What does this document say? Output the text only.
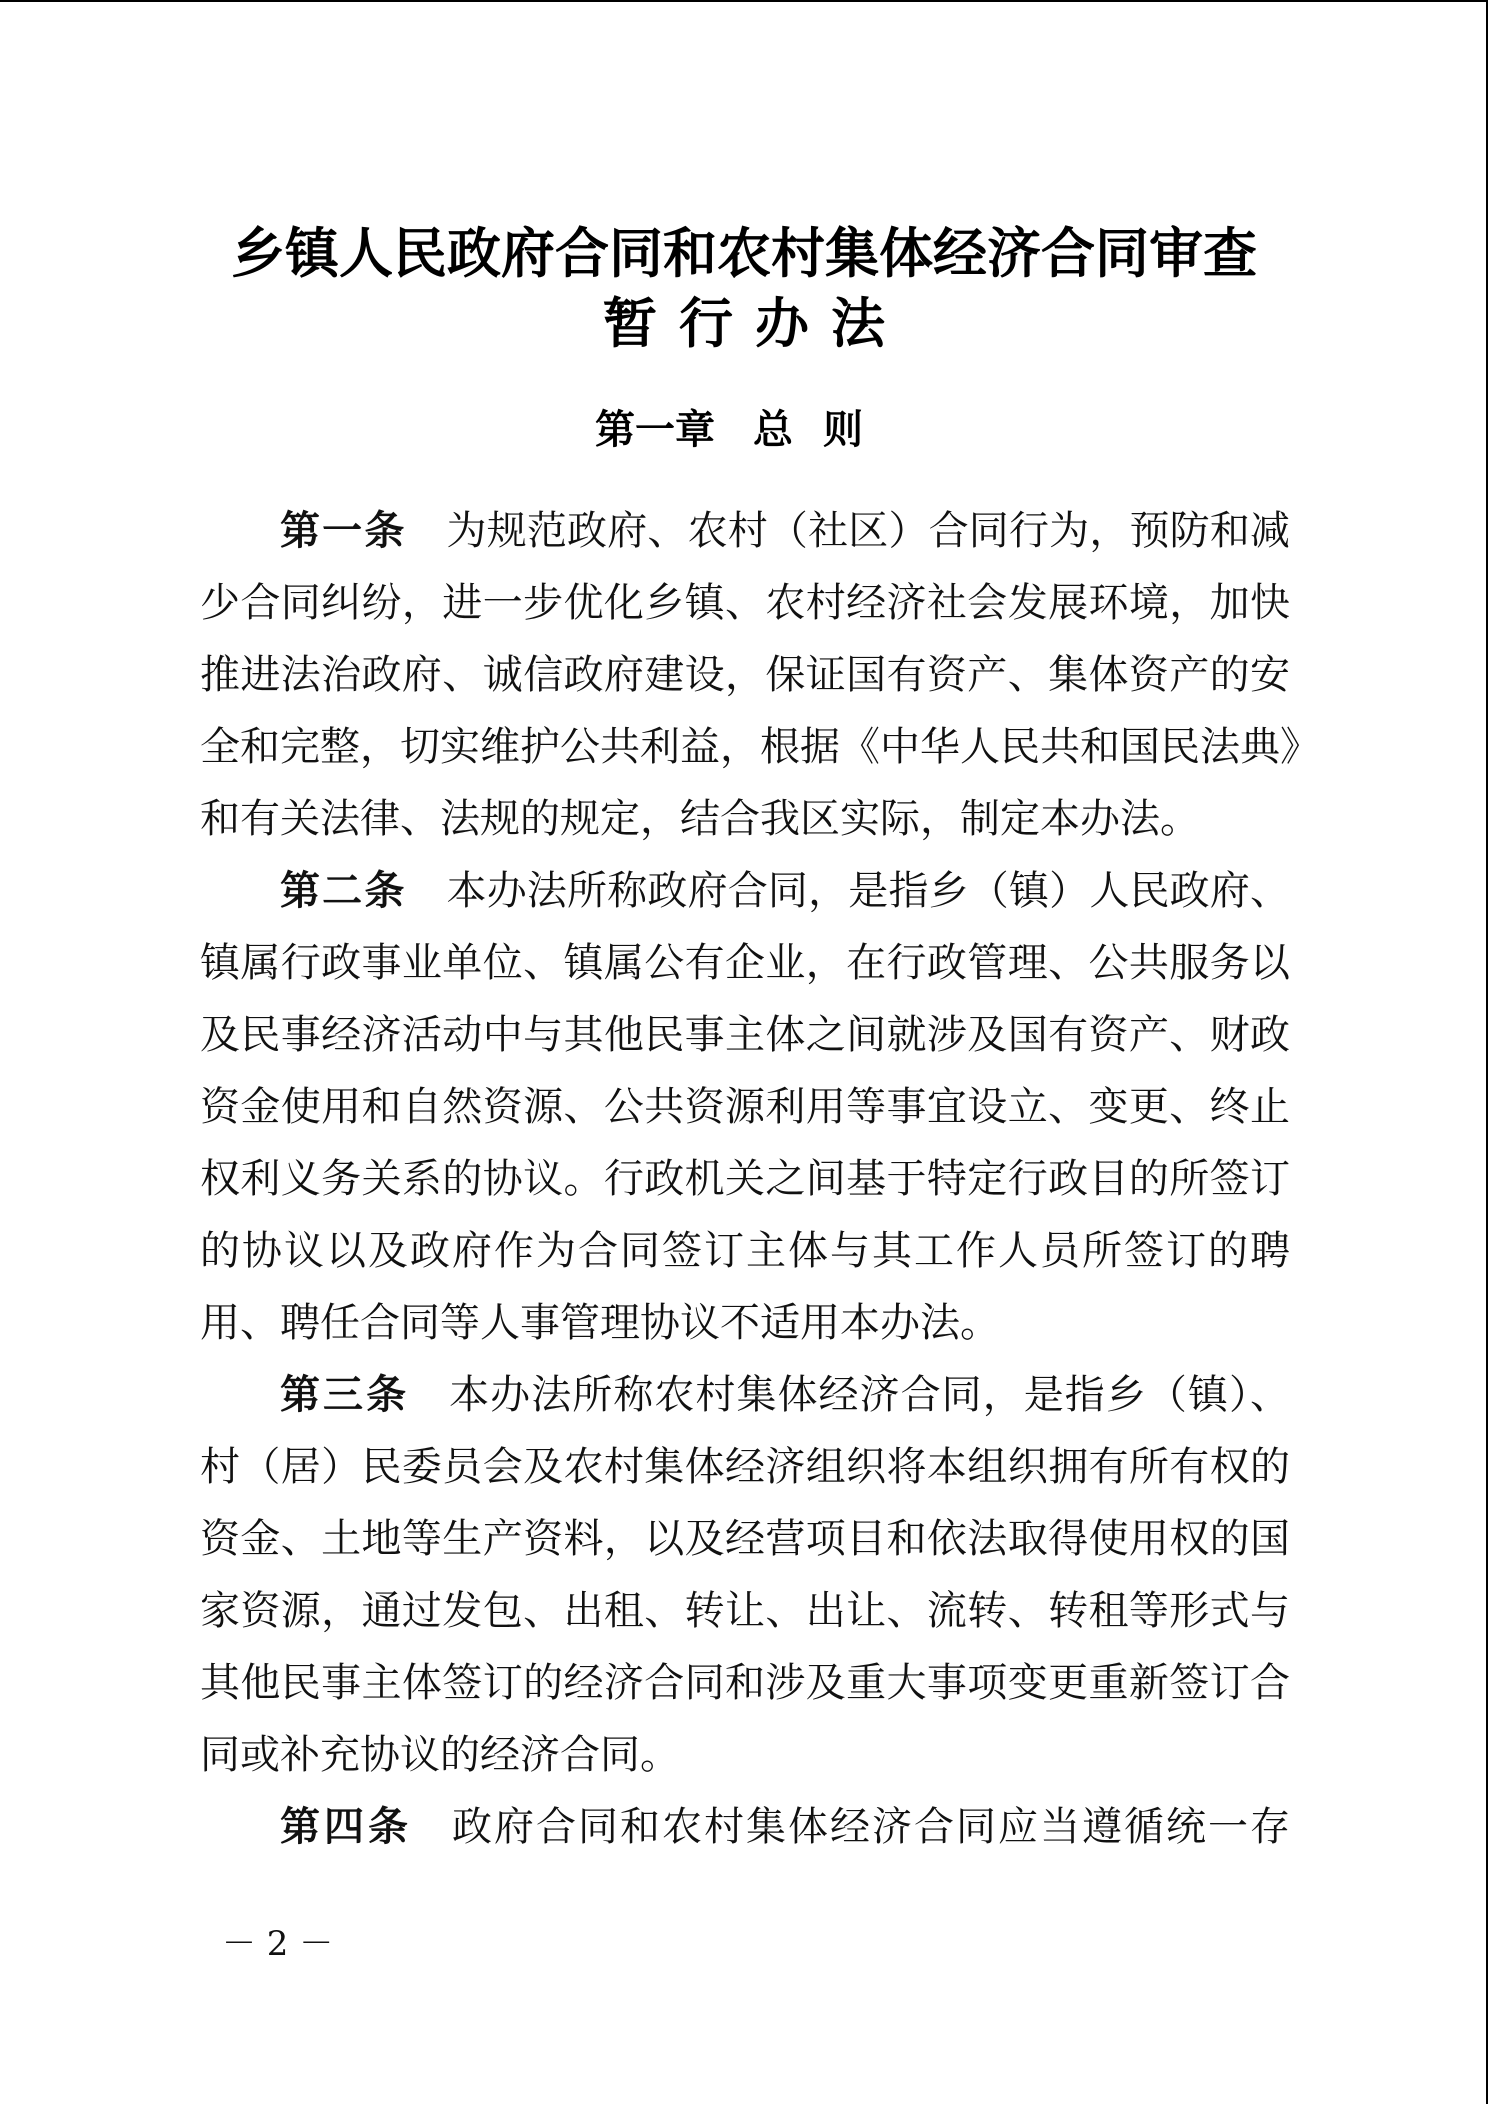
乡镇人民政府合同和农村集体经济合同审查
暂行办法
第一章 总则
第一条 为规范政府、农村（社区）合同行为，预防和减
少合同纠纷，进一步优化乡镇、农村经济社会发展环境，加快
推进法治政府、诚信政府建设，保证国有资产、集体资产的安
全和完整，切实维护公共利益，根据《中华人民共和国民法典》
和有关法律、法规的规定，结合我区实际，制定本办法。
第二条 本办法所称政府合同，是指乡（镇）人民政府、
镇属行政事业单位、镇属公有企业，在行政管理、公共服务以
及民事经济活动中与其他民事主体之间就涉及国有资产、财政
资金使用和自然资源、公共资源利用等事宜设立、变更、终止
权利义务关系的协议。行政机关之间基于特定行政目的所签订
的协议以及政府作为合同签订主体与其工作人员所签订的聘
用、聘任合同等人事管理协议不适用本办法。
第三条 本办法所称农村集体经济合同，是指乡（镇）、
村（居）民委员会及农村集体经济组织将本组织拥有所有权的
资金、土地等生产资料，以及经营项目和依法取得使用权的国
家资源，通过发包、出租、转让、出让、流转、转租等形式与
其他民事主体签订的经济合同和涉及重大事项变更重新签订合
同或补充协议的经济合同。
第四条 政府合同和农村集体经济合同应当遵循统一存
－ 2 －
